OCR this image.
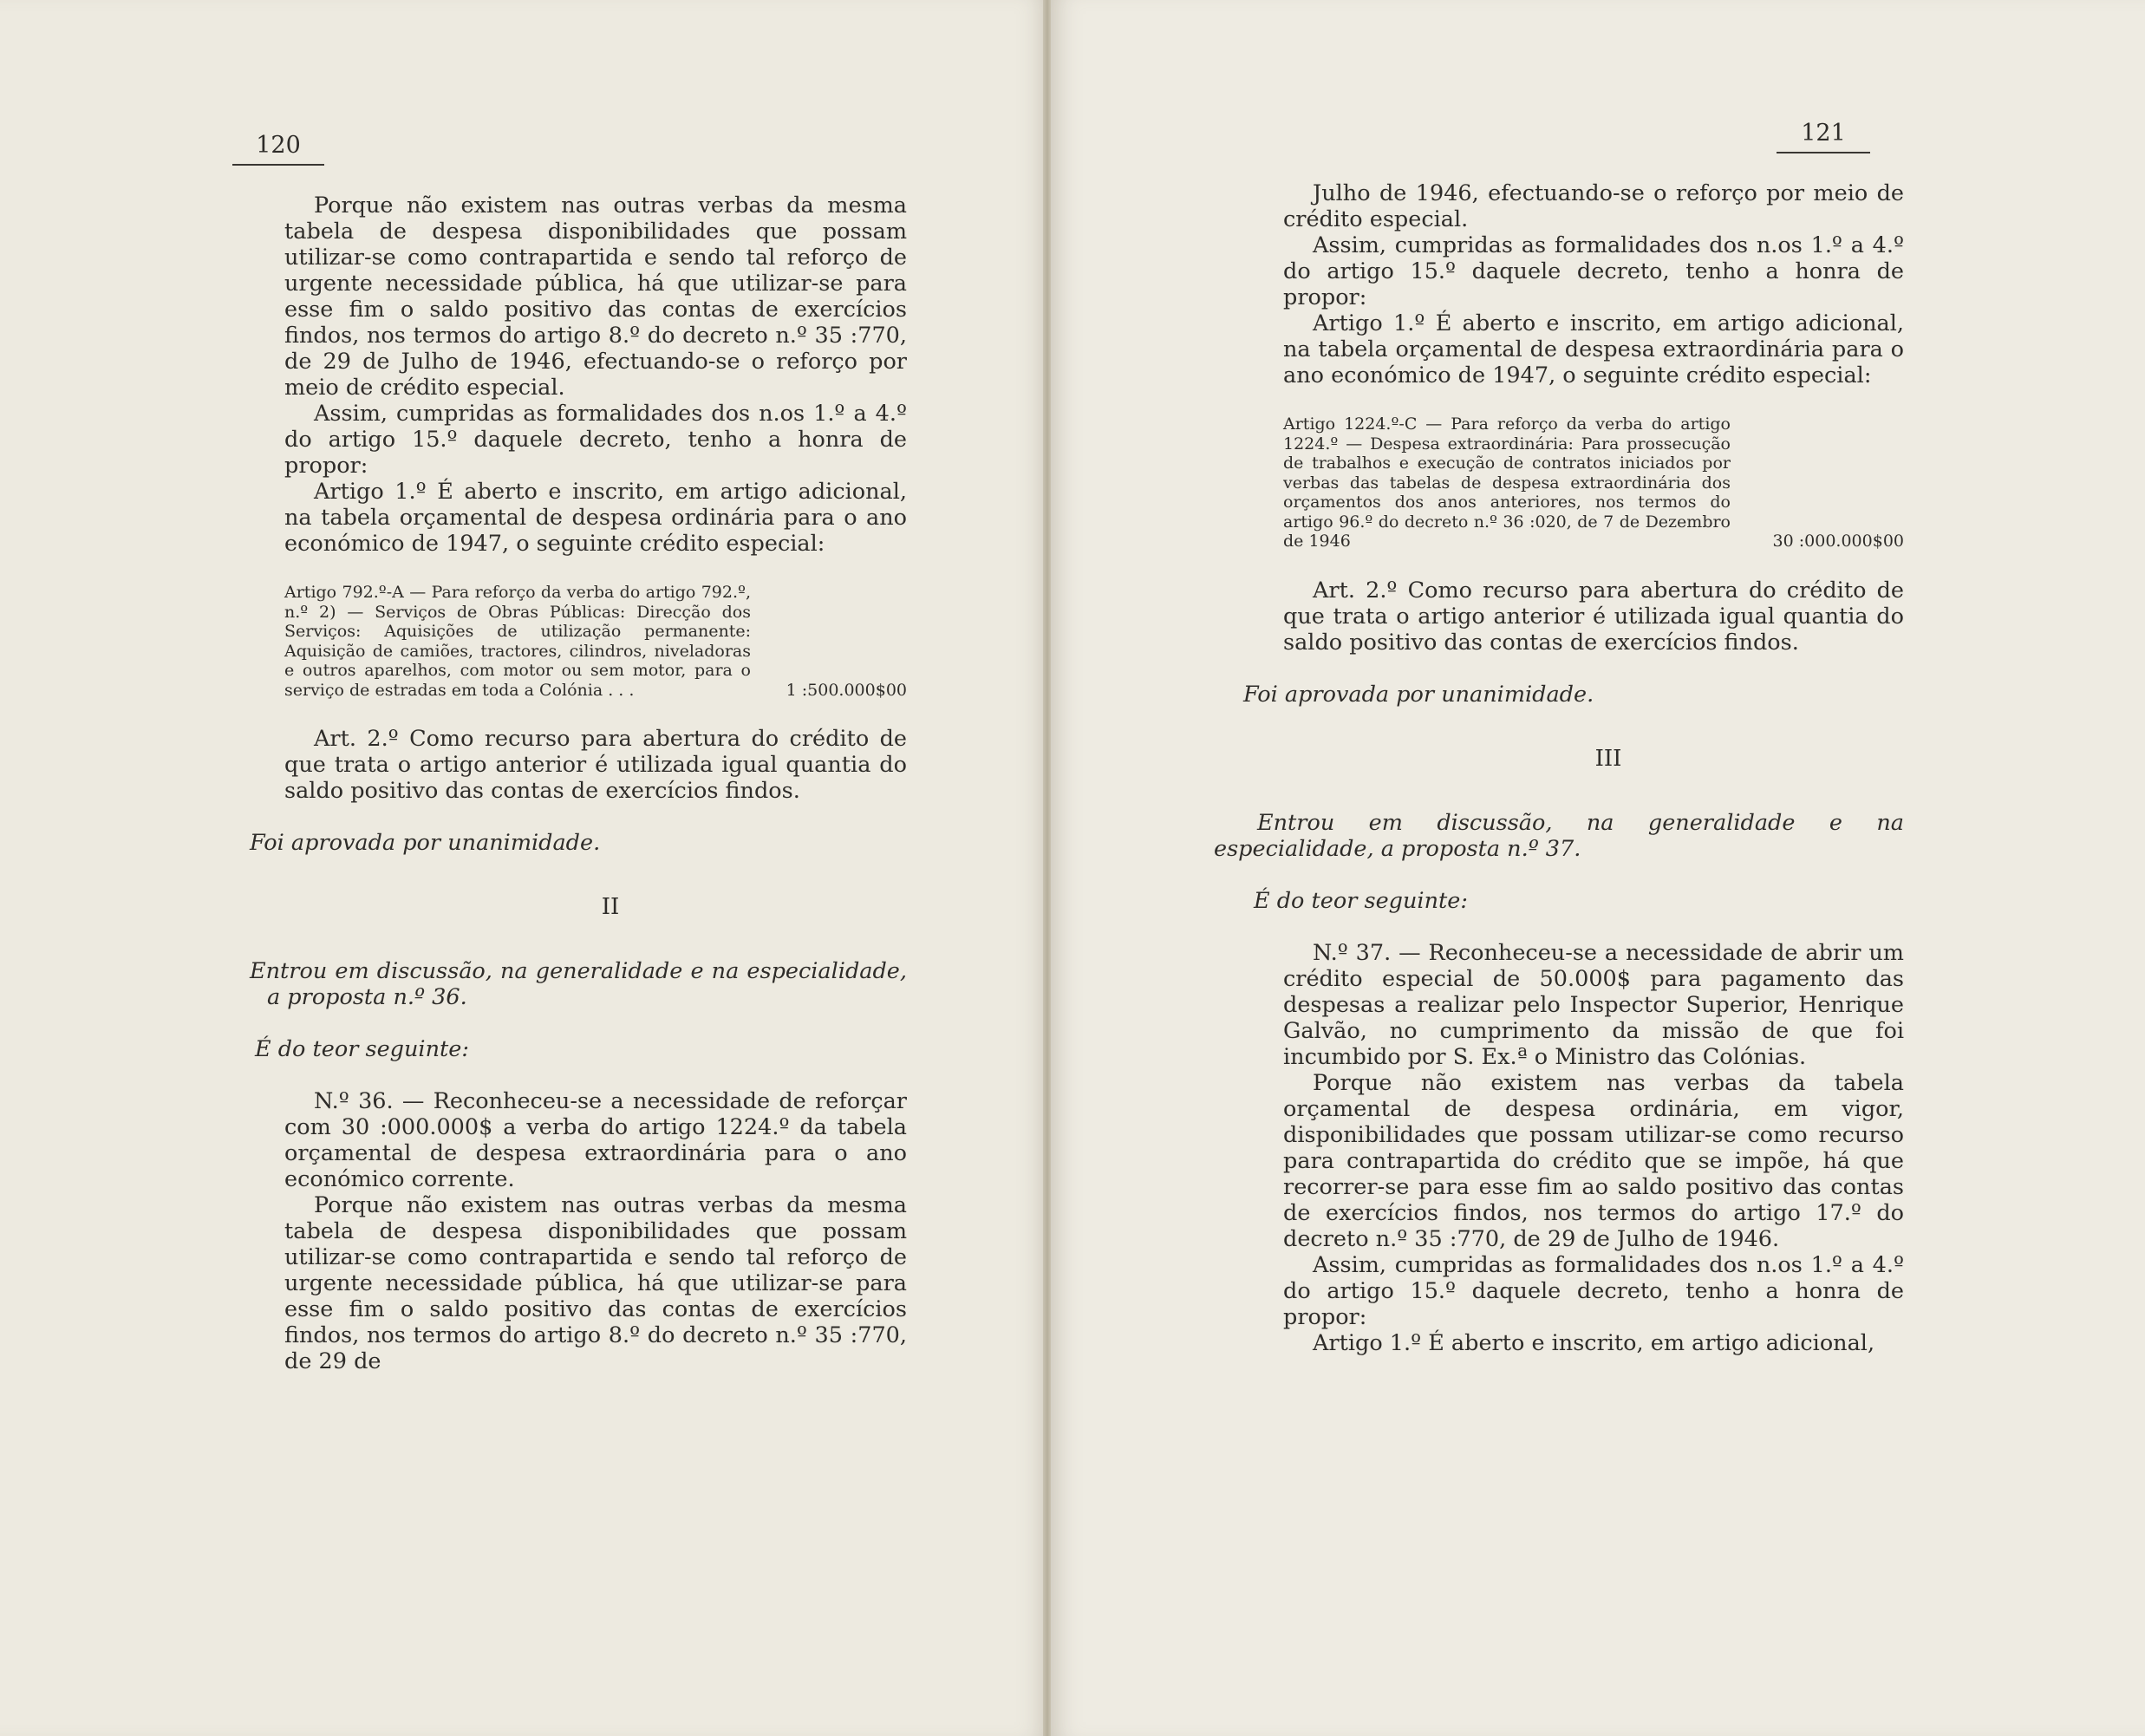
120

Porque não existem nas outras verbas da mesma tabela de despesa disponibilidades que possam utilizar-se como contrapartida e sendo tal reforço de urgente necessidade pública, há que utilizar-se para esse fim o saldo positivo das contas de exercícios findos, nos termos do artigo 8.º do decreto n.º 35 :770, de 29 de Julho de 1946, efectuando-se o reforço por meio de crédito especial.

Assim, cumpridas as formalidades dos n.os 1.º a 4.º do artigo 15.º daquele decreto, tenho a honra de propor:

Artigo 1.º É aberto e inscrito, em artigo adicional, na tabela orçamental de despesa ordinária para o ano económico de 1947, o seguinte crédito especial:

Artigo 792.º-A — Para reforço da verba do artigo 792.º, n.º 2) — Serviços de Obras Públicas: Direcção dos Serviços: Aquisições de utilização permanente: Aquisição de camiões, tractores, cilindros, niveladoras e outros aparelhos, com motor ou sem motor, para o serviço de estradas em toda a Colónia . . .	1 :500.000$00

Art. 2.º Como recurso para abertura do crédito de que trata o artigo anterior é utilizada igual quantia do saldo positivo das contas de exercícios findos.

Foi aprovada por unanimidade.

II

Entrou em discussão, na generalidade e na especialidade, a proposta n.º 36.

É do teor seguinte:

N.º 36. — Reconheceu-se a necessidade de reforçar com 30 :000.000$ a verba do artigo 1224.º da tabela orçamental de despesa extraordinária para o ano económico corrente.

Porque não existem nas outras verbas da mesma tabela de despesa disponibilidades que possam utilizar-se como contrapartida e sendo tal reforço de urgente necessidade pública, há que utilizar-se para esse fim o saldo positivo das contas de exercícios findos, nos termos do artigo 8.º do decreto n.º 35 :770, de 29 de

121

Julho de 1946, efectuando-se o reforço por meio de crédito especial.

Assim, cumpridas as formalidades dos n.os 1.º a 4.º do artigo 15.º daquele decreto, tenho a honra de propor:

Artigo 1.º É aberto e inscrito, em artigo adicional, na tabela orçamental de despesa extraordinária para o ano económico de 1947, o seguinte crédito especial:

Artigo 1224.º-C — Para reforço da verba do artigo 1224.º — Despesa extraordinária: Para prossecução de trabalhos e execução de contratos iniciados por verbas das tabelas de despesa extraordinária dos orçamentos dos anos anteriores, nos termos do artigo 96.º do decreto n.º 36 :020, de 7 de Dezembro de 1946	30 :000.000$00

Art. 2.º Como recurso para abertura do crédito de que trata o artigo anterior é utilizada igual quantia do saldo positivo das contas de exercícios findos.

Foi aprovada por unanimidade.

III

Entrou em discussão, na generalidade e na especialidade, a proposta n.º 37.

É do teor seguinte:

N.º 37. — Reconheceu-se a necessidade de abrir um crédito especial de 50.000$ para pagamento das despesas a realizar pelo Inspector Superior, Henrique Galvão, no cumprimento da missão de que foi incumbido por S. Ex.ª o Ministro das Colónias.

Porque não existem nas verbas da tabela orçamental de despesa ordinária, em vigor, disponibilidades que possam utilizar-se como recurso para contrapartida do crédito que se impõe, há que recorrer-se para esse fim ao saldo positivo das contas de exercícios findos, nos termos do artigo 17.º do decreto n.º 35 :770, de 29 de Julho de 1946.

Assim, cumpridas as formalidades dos n.os 1.º a 4.º do artigo 15.º daquele decreto, tenho a honra de propor:

Artigo 1.º É aberto e inscrito, em artigo adicional,
